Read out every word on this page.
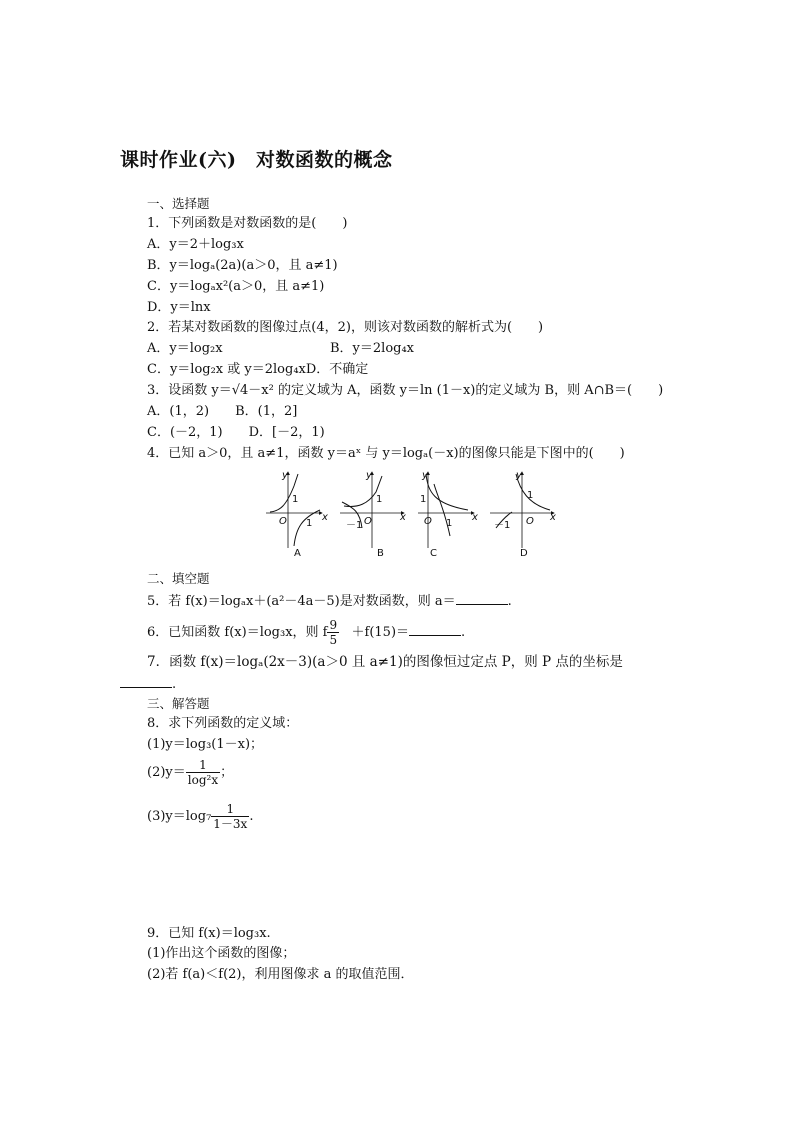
课时作业(六)　对数函数的概念
一、选择题
1．下列函数是对数函数的是(　　)
A．y＝2＋log₃x
B．y＝logₐ(2a)(a＞0，且 a≠1)
C．y＝logₐx²(a＞0，且 a≠1)
D．y＝lnx
2．若某对数函数的图像过点(4，2)，则该对数函数的解析式为(　　)
A．y＝log₂x	B．y＝2log₄x
C．y＝log₂x 或 y＝2log₄xD．不确定
3．设函数 y＝√4－x² 的定义域为 A，函数 y＝ln (1－x)的定义域为 B，则 A∩B＝(　　)
A．(1，2)　　B．(1，2]
C．(－2，1)　　D．[－2，1)
4．已知 a＞0，且 a≠1，函数 y＝aˣ 与 y＝logₐ(－x)的图像只能是下图中的(　　)
y
1
O 1
x
A
y
1
－1 O	x
B
y
1
O 1
x
C
y
1
－1 O x
D
二、填空题
5．若 f(x)＝logₐx＋(a²－4a－5)是对数函数，则 a＝	.
6．已知函数 f(x)＝log₃x，则 f $\frac{9}{5} +f(15)=$	.
7．函数 f(x)＝logₐ(2x－3)(a＞0 且 a≠1)的图像恒过定点 P，则 P 点的坐标是
.
三、解答题
8．求下列函数的定义域：
(1)y＝log₃(1－x)；
$(2)y= \frac{1}{\text{log²x}}$ ；
$(3)y=\log_7 \frac{1}{1-3x}$ .
9．已知 f(x)＝log₃x.
(1)作出这个函数的图像；
(2)若 f(a)＜f(2)，利用图像求 a 的取值范围．
